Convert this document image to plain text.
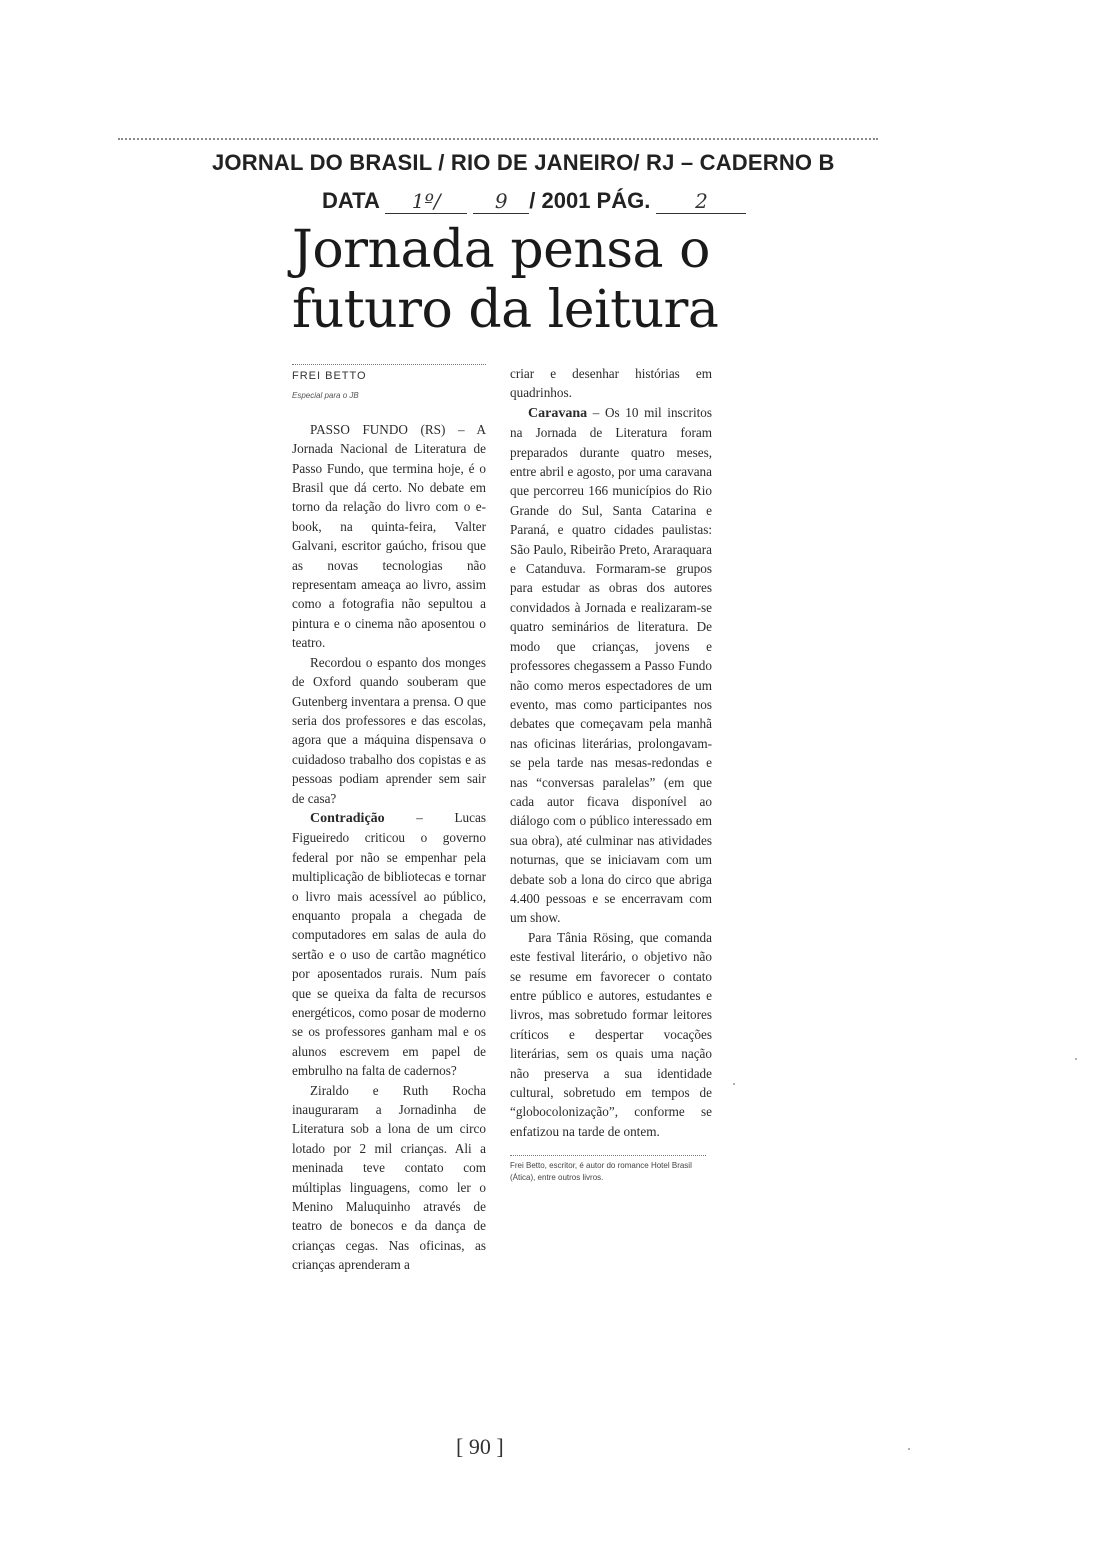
JORNAL DO BRASIL / RIO DE JANEIRO/ RJ – CADERNO B
DATA 1º/	9 / 2001 PÁG. 2
Jornada pensa o futuro da leitura
FREI BETTO
Especial para o JB

PASSO FUNDO (RS) – A Jornada Nacional de Literatura de Passo Fundo, que termina hoje, é o Brasil que dá certo. No debate em torno da relação do livro com o e-book, na quinta-feira, Valter Galvani, escritor gaúcho, frisou que as novas tecnologias não representam ameaça ao livro, assim como a fotografia não sepultou a pintura e o cinema não aposentou o teatro.

Recordou o espanto dos monges de Oxford quando souberam que Gutenberg inventara a prensa. O que seria dos professores e das escolas, agora que a máquina dispensava o cuidadoso trabalho dos copistas e as pessoas podiam aprender sem sair de casa?

Contradição – Lucas Figueiredo criticou o governo federal por não se empenhar pela multiplicação de bibliotecas e tornar o livro mais acessível ao público, enquanto propala a chegada de computadores em salas de aula do sertão e o uso de cartão magnético por aposentados rurais. Num país que se queixa da falta de recursos energéticos, como posar de moderno se os professores ganham mal e os alunos escrevem em papel de embrulho na falta de cadernos?

Ziraldo e Ruth Rocha inauguraram a Jornadinha de Literatura sob a lona de um circo lotado por 2 mil crianças. Ali a meninada teve contato com múltiplas linguagens, como ler o Menino Maluquinho através de teatro de bonecos e da dança de crianças cegas. Nas oficinas, as crianças aprenderam a

criar e desenhar histórias em quadrinhos.

Caravana – Os 10 mil inscritos na Jornada de Literatura foram preparados durante quatro meses, entre abril e agosto, por uma caravana que percorreu 166 municípios do Rio Grande do Sul, Santa Catarina e Paraná, e quatro cidades paulistas: São Paulo, Ribeirão Preto, Araraquara e Catanduva. Formaram-se grupos para estudar as obras dos autores convidados à Jornada e realizaram-se quatro seminários de literatura. De modo que crianças, jovens e professores chegassem a Passo Fundo não como meros espectadores de um evento, mas como participantes nos debates que começavam pela manhã nas oficinas literárias, prolongavam-se pela tarde nas mesas-redondas e nas “conversas paralelas” (em que cada autor ficava disponível ao diálogo com o público interessado em sua obra), até culminar nas atividades noturnas, que se iniciavam com um debate sob a lona do circo que abriga 4.400 pessoas e se encerravam com um show.

Para Tânia Rösing, que comanda este festival literário, o objetivo não se resume em favorecer o contato entre público e autores, estudantes e livros, mas sobretudo formar leitores críticos e despertar vocações literárias, sem os quais uma nação não preserva a sua identidade cultural, sobretudo em tempos de “globocolonização”, conforme se enfatizou na tarde de ontem.

Frei Betto, escritor, é autor do romance Hotel Brasil (Ática), entre outros livros.
[ 90 ]
